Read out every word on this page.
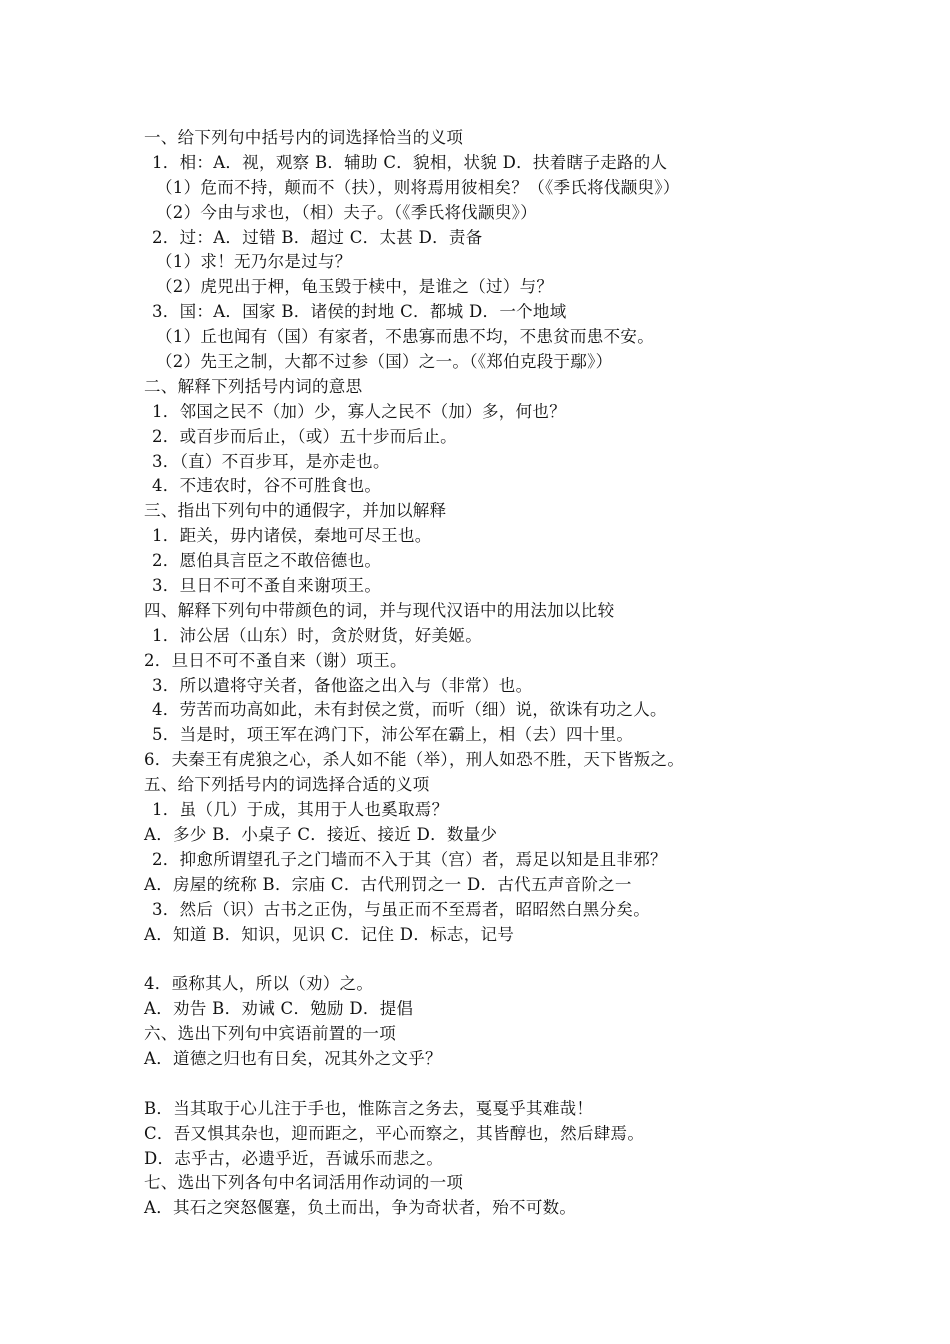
一、给下列句中括号内的词选择恰当的义项
1．相：A．视，观察 B．辅助 C．貌相，状貌 D．扶着瞎子走路的人
（1）危而不持，颠而不（扶），则将焉用彼相矣？（《季氏将伐颛臾》）
（2）今由与求也，（相）夫子。（《季氏将伐颛臾》）
2．过：A．过错 B．超过 C．太甚 D．责备
（1）求！无乃尔是过与？
（2）虎兕出于柙，龟玉毁于椟中，是谁之（过）与？
3．国：A．国家 B．诸侯的封地 C．都城 D．一个地域
（1）丘也闻有（国）有家者，不患寡而患不均，不患贫而患不安。
（2）先王之制，大都不过参（国）之一。（《郑伯克段于鄢》）
二、解释下列括号内词的意思
1．邻国之民不（加）少，寡人之民不（加）多，何也？
2．或百步而后止，（或）五十步而后止。
3．（直）不百步耳，是亦走也。
4．不违农时，谷不可胜食也。
三、指出下列句中的通假字，并加以解释
1．距关，毋内诸侯，秦地可尽王也。
2．愿伯具言臣之不敢倍德也。
3．旦日不可不蚤自来谢项王。
四、解释下列句中带颜色的词，并与现代汉语中的用法加以比较
1．沛公居（山东）时，贪於财货，好美姬。
2．旦日不可不蚤自来（谢）项王。
3．所以遣将守关者，备他盗之出入与（非常）也。
4．劳苦而功高如此，未有封侯之赏，而听（细）说，欲诛有功之人。
5．当是时，项王军在鸿门下，沛公军在霸上，相（去）四十里。
6．夫秦王有虎狼之心，杀人如不能（举），刑人如恐不胜，天下皆叛之。
五、给下列括号内的词选择合适的义项
1．虽（几）于成，其用于人也奚取焉？
A．多少 B．小桌子 C．接近、接近 D．数量少
2．抑愈所谓望孔子之门墙而不入于其（宫）者，焉足以知是且非邪？
A．房屋的统称 B．宗庙 C．古代刑罚之一 D．古代五声音阶之一
3．然后（识）古书之正伪，与虽正而不至焉者，昭昭然白黑分矣。
A．知道 B．知识，见识 C．记住 D．标志，记号
4．亟称其人，所以（劝）之。
A．劝告 B．劝诫 C．勉励 D．提倡
六、选出下列句中宾语前置的一项
A．道德之归也有日矣，况其外之文乎？
B．当其取于心儿注于手也，惟陈言之务去，戛戛乎其难哉！
C．吾又惧其杂也，迎而距之，平心而察之，其皆醇也，然后肆焉。
D．志乎古，必遗乎近，吾诚乐而悲之。
七、选出下列各句中名词活用作动词的一项
A．其石之突怒偃蹇，负土而出，争为奇状者，殆不可数。
